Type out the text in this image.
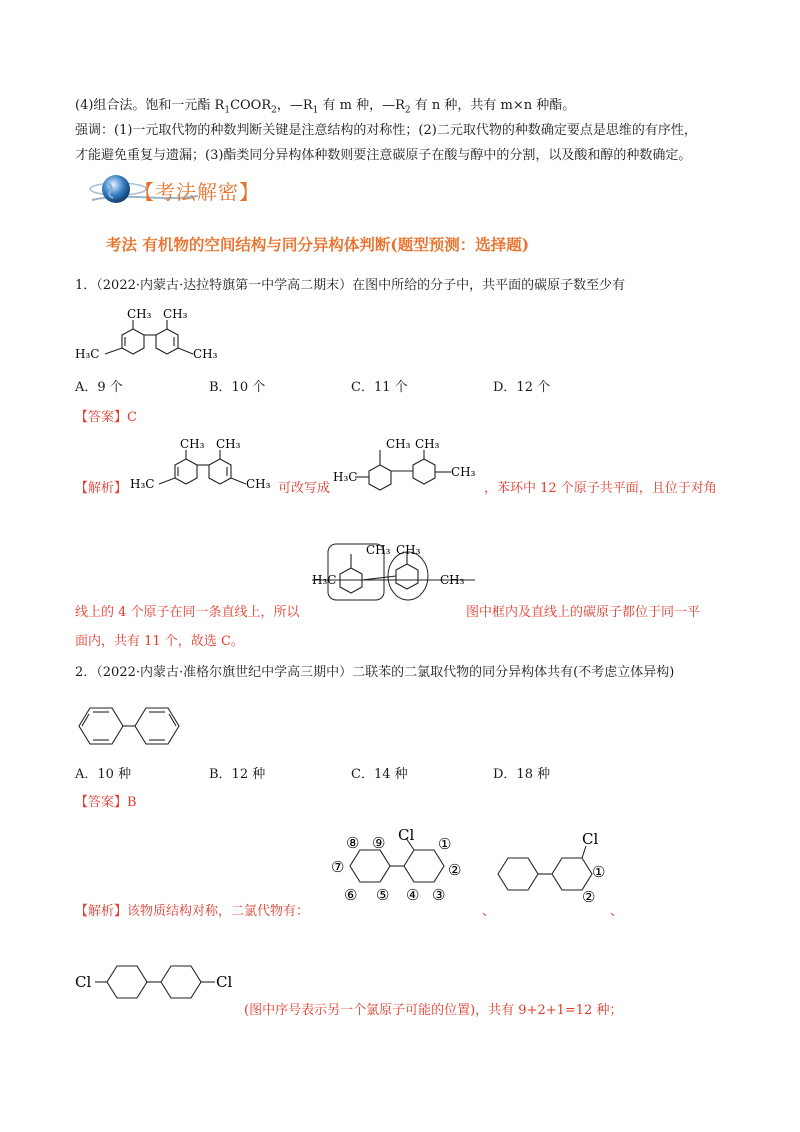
(4)组合法。饱和一元酯 $R_1COOR_2$，$—R_1$ 有 m 种，$—R_2$ 有 n 种，共有 m×n 种酯。
强调：(1)一元取代物的种数判断关键是注意结构的对称性；(2)二元取代物的种数确定要点是思维的有序性，
才能避免重复与遗漏；(3)酯类同分异构体种数则要注意碳原子在酸与醇中的分割，以及酸和醇的种数确定。
【考法解密】
考法 有机物的空间结构与同分异构体判断(题型预测：选择题)
1．（2022·内蒙古·达拉特旗第一中学高二期末）在图中所给的分子中，共平面的碳原子数至少有
CH₃ CH₃
H₃C	CH₃
A．9 个	B．10 个	C．11 个	D．12 个
【答案】C
【解析】
CH₃ CH₃
H₃C	CH₃ 可改写成
CH₃ CH₃
H₃C	CH₃
，苯环中 12 个原子共平面，且位于对角
CH₃ CH₃
H₃C	CH₃
线上的 4 个原子在同一条直线上，所以	图中框内及直线上的碳原子都位于同一平
面内，共有 11 个，故选 C。
2．（2022·内蒙古·准格尔旗世纪中学高三期中）二联苯的二氯取代物的同分异构体共有(不考虑立体异构)
A．10 种	B．12 种	C．14 种	D．18 种
【答案】B
Cl
⑧ ⑨	①
⑦	②
⑥ ⑤ ④ ③
Cl
①
②
【解析】该物质结构对称，二氯代物有：	、	、
Cl	Cl
(图中序号表示另一个氯原子可能的位置)，共有 9+2+1=12 种；
